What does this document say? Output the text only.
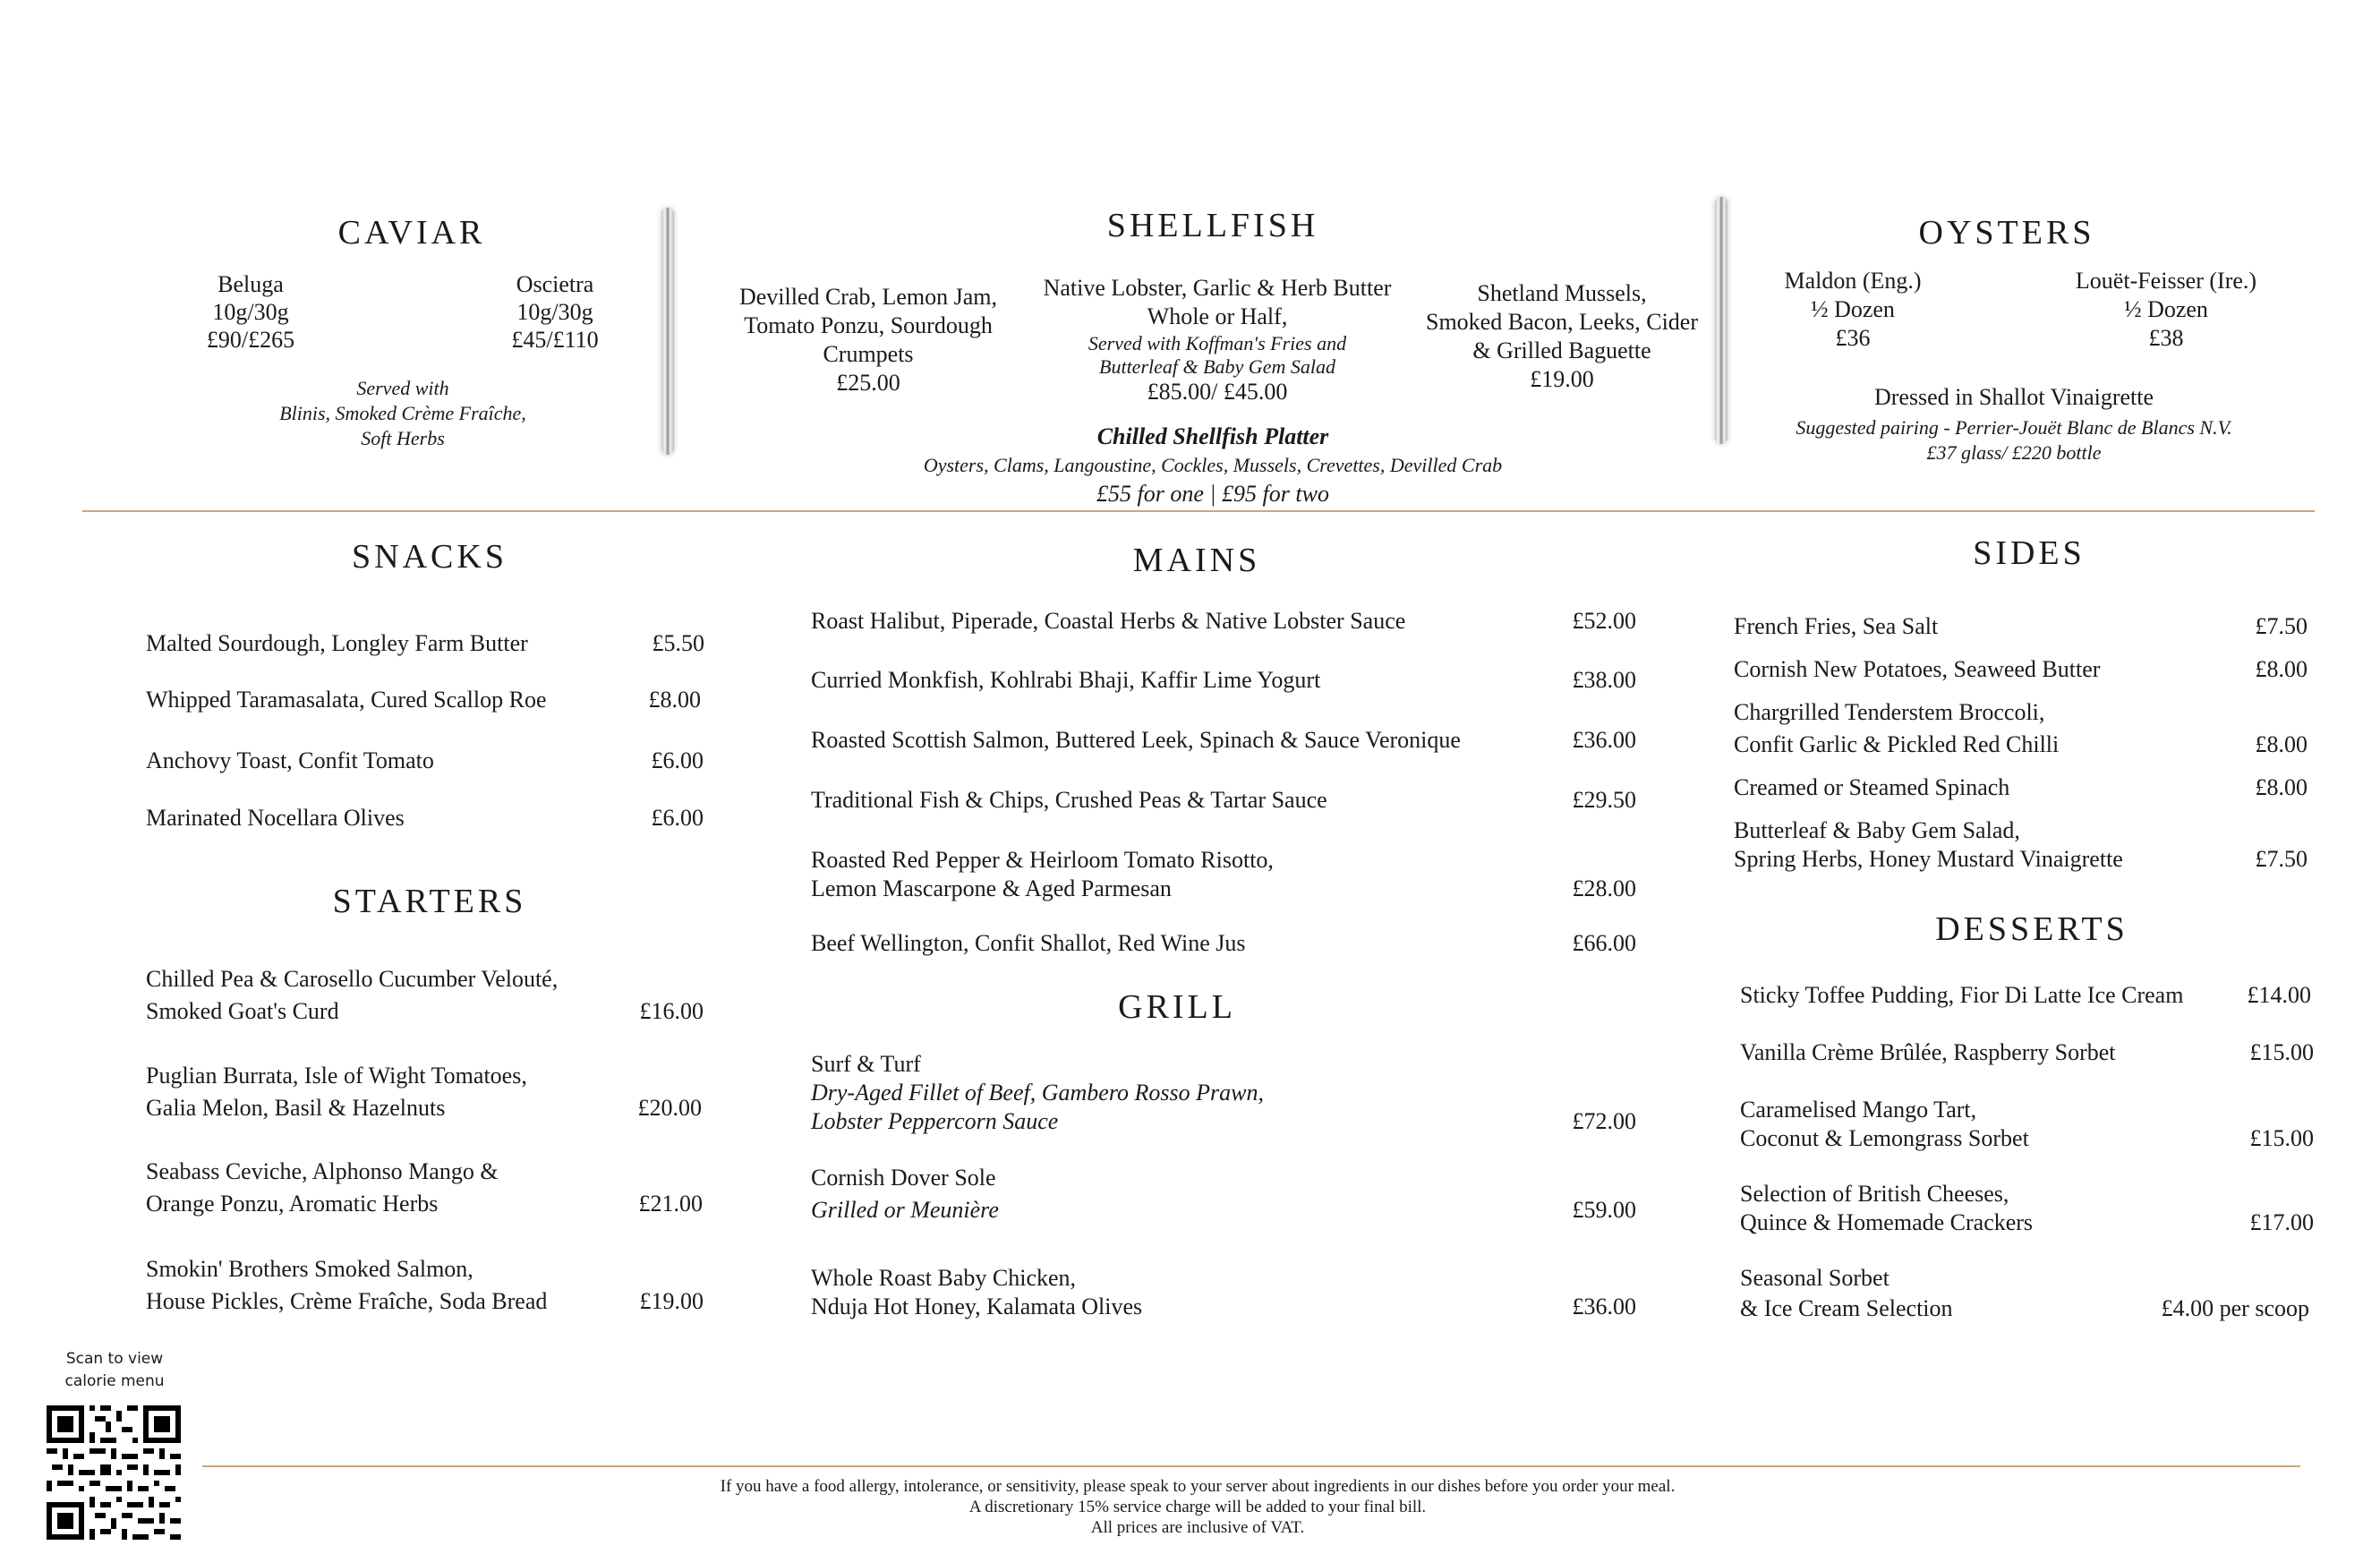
CAVIAR
Beluga
10g/30g
£90/£265
Oscietra
10g/30g
£45/£110
Served with
Blinis, Smoked Crème Fraîche,
Soft Herbs
SHELLFISH
Devilled Crab, Lemon Jam,
Tomato Ponzu, Sourdough
Crumpets
£25.00
Native Lobster, Garlic & Herb Butter
Whole or Half,
Served with Koffman's Fries and
Butterleaf & Baby Gem Salad
£85.00/ £45.00
Shetland Mussels,
Smoked Bacon, Leeks, Cider
& Grilled Baguette
£19.00
Chilled Shellfish Platter
Oysters, Clams, Langoustine, Cockles, Mussels, Crevettes, Devilled Crab
£55 for one | £95 for two
OYSTERS
Maldon (Eng.)
½ Dozen
£36
Louët-Feisser (Ire.)
½ Dozen
£38
Dressed in Shallot Vinaigrette
Suggested pairing - Perrier-Jouët Blanc de Blancs N.V.
£37 glass/ £220 bottle
SNACKS
Malted Sourdough, Longley Farm Butter	£5.50
Whipped Taramasalata, Cured Scallop Roe	£8.00
Anchovy Toast, Confit Tomato	£6.00
Marinated Nocellara Olives	£6.00
STARTERS
Chilled Pea & Carosello Cucumber Velouté,
Smoked Goat's Curd	£16.00
Puglian Burrata, Isle of Wight Tomatoes,
Galia Melon, Basil & Hazelnuts	£20.00
Seabass Ceviche, Alphonso Mango &
Orange Ponzu, Aromatic Herbs	£21.00
Smokin' Brothers Smoked Salmon,
House Pickles, Crème Fraîche, Soda Bread	£19.00
MAINS
Roast Halibut, Piperade, Coastal Herbs & Native Lobster Sauce	£52.00
Curried Monkfish, Kohlrabi Bhaji, Kaffir Lime Yogurt	£38.00
Roasted Scottish Salmon, Buttered Leek, Spinach & Sauce Veronique	£36.00
Traditional Fish & Chips, Crushed Peas & Tartar Sauce	£29.50
Roasted Red Pepper & Heirloom Tomato Risotto,
Lemon Mascarpone & Aged Parmesan	£28.00
Beef Wellington, Confit Shallot, Red Wine Jus	£66.00
GRILL
Surf & Turf
Dry-Aged Fillet of Beef, Gambero Rosso Prawn,
Lobster Peppercorn Sauce	£72.00
Cornish Dover Sole
Grilled or Meunière	£59.00
Whole Roast Baby Chicken,
Nduja Hot Honey, Kalamata Olives	£36.00
SIDES
French Fries, Sea Salt	£7.50
Cornish New Potatoes, Seaweed Butter	£8.00
Chargrilled Tenderstem Broccoli,
Confit Garlic & Pickled Red Chilli	£8.00
Creamed or Steamed Spinach	£8.00
Butterleaf & Baby Gem Salad,
Spring Herbs, Honey Mustard Vinaigrette	£7.50
DESSERTS
Sticky Toffee Pudding, Fior Di Latte Ice Cream	£14.00
Vanilla Crème Brûlée, Raspberry Sorbet	£15.00
Caramelised Mango Tart,
Coconut & Lemongrass Sorbet	£15.00
Selection of British Cheeses,
Quince & Homemade Crackers	£17.00
Seasonal Sorbet
& Ice Cream Selection	£4.00 per scoop
Scan to view
calorie menu
If you have a food allergy, intolerance, or sensitivity, please speak to your server about ingredients in our dishes before you order your meal.
A discretionary 15% service charge will be added to your final bill.
All prices are inclusive of VAT.
